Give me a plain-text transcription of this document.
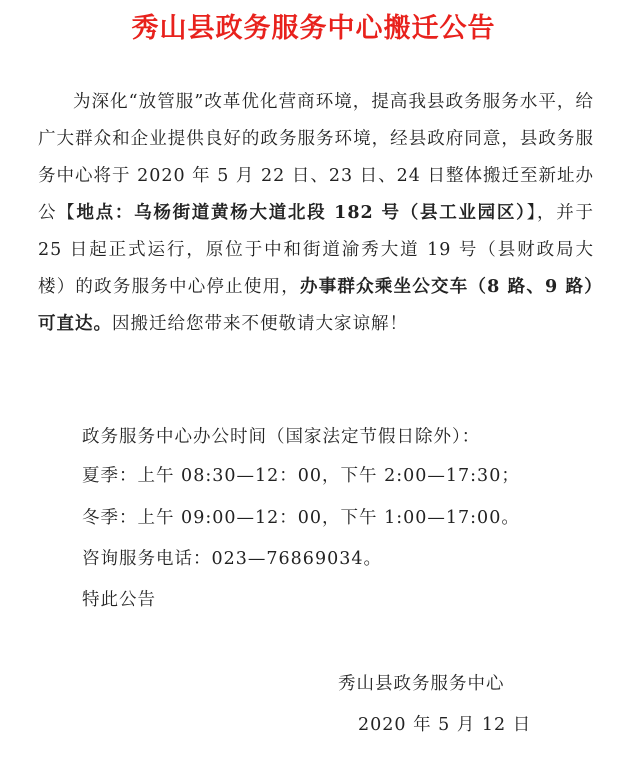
秀山县政务服务中心搬迁公告

为深化“放管服”改革优化营商环境，提高我县政务服务水平，给广大群众和企业提供良好的政务服务环境，经县政府同意，县政务服务中心将于 2020 年 5 月 22 日、23 日、24 日整体搬迁至新址办公【地点：乌杨街道黄杨大道北段 182 号（县工业园区）】，并于 25 日起正式运行，原位于中和街道渝秀大道 19 号（县财政局大楼）的政务服务中心停止使用，办事群众乘坐公交车（8 路、9 路）可直达。因搬迁给您带来不便敬请大家谅解！

政务服务中心办公时间（国家法定节假日除外）：

夏季：上午 08:30—12：00，下午 2:00—17:30；

冬季：上午 09:00—12：00，下午 1:00—17:00。

咨询服务电话：023—76869034。

特此公告

秀山县政务服务中心

2020 年 5 月 12 日
